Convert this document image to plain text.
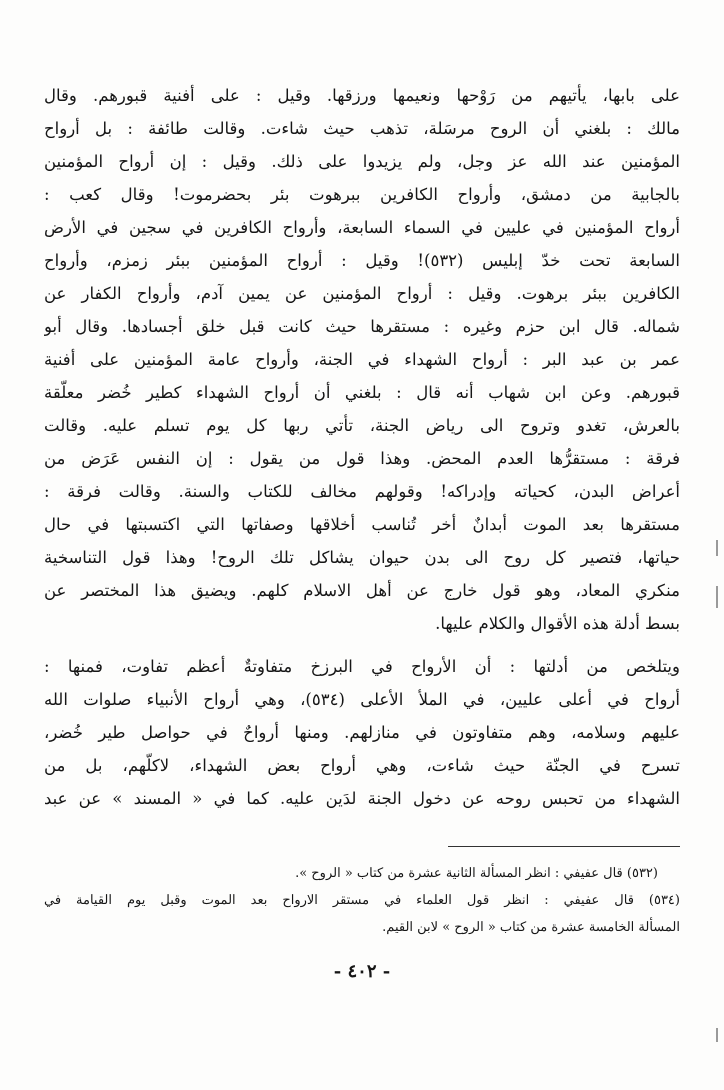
على بابها، يأتيهم من رَوْحها ونعيمها ورزقها. وقيل : على أفنية قبورهم. وقال
مالك : بلغني أن الروح مرسَلة، تذهب حيث شاءت. وقالت طائفة : بل أرواح
المؤمنين عند الله عز وجل، ولم يزيدوا على ذلك. وقيل : إن أرواح المؤمنين
بالجابية من دمشق، وأرواح الكافرين ببرهوت بئر بحضرموت! وقال كعب :
أرواح المؤمنين في عليين في السماء السابعة، وأرواح الكافرين في سجين في الأرض
السابعة تحت خدّ إبليس (٥٣٢)! وقيل : أرواح المؤمنين ببئر زمزم، وأرواح
الكافرين ببئر برهوت. وقيل : أرواح المؤمنين عن يمين آدم، وأرواح الكفار عن
شماله. قال ابن حزم وغيره : مستقرها حيث كانت قبل خلق أجسادها. وقال أبو
عمر بن عبد البر : أرواح الشهداء في الجنة، وأرواح عامة المؤمنين على أفنية
قبورهم. وعن ابن شهاب أنه قال : بلغني أن أرواح الشهداء كطير خُضر معلّقة
بالعرش، تغدو وتروح الى رياض الجنة، تأتي ربها كل يوم تسلم عليه. وقالت
فرقة : مستقرُّها العدم المحض. وهذا قول من يقول : إن النفس عَرَض من
أعراض البدن، كحياته وإدراكه! وقولهم مخالف للكتاب والسنة. وقالت فرقة :
مستقرها بعد الموت أبدانٌ أخر تُناسب أخلاقها وصفاتها التي اكتسبتها في حال
حياتها، فتصير كل روح الى بدن حيوان يشاكل تلك الروح! وهذا قول التناسخية
منكري المعاد، وهو قول خارج عن أهل الاسلام كلهم. ويضيق هذا المختصر عن
بسط أدلة هذه الأقوال والكلام عليها.
ويتلخص من أدلتها : أن الأرواح في البرزخ متفاوتةٌ أعظم تفاوت، فمنها :
أرواح في أعلى عليين، في الملأ الأعلى (٥٣٤)، وهي أرواح الأنبياء صلوات الله
عليهم وسلامه، وهم متفاوتون في منازلهم. ومنها أرواحٌ في حواصل طير خُضر،
تسرح في الجنّة حيث شاءت، وهي أرواح بعض الشهداء، لاكلّهم، بل من
الشهداء من تحبس روحه عن دخول الجنة لدَين عليه. كما في « المسند » عن عبد
(٥٣٢) قال عفيفي : انظر المسألة الثانية عشرة من كتاب « الروح ».
(٥٣٤) قال عفيفي : انظر قول العلماء في مستقر الارواح بعد الموت وقبل يوم القيامة في
المسألة الخامسة عشرة من كتاب « الروح » لابن القيم.
- ٤٠٢ -
